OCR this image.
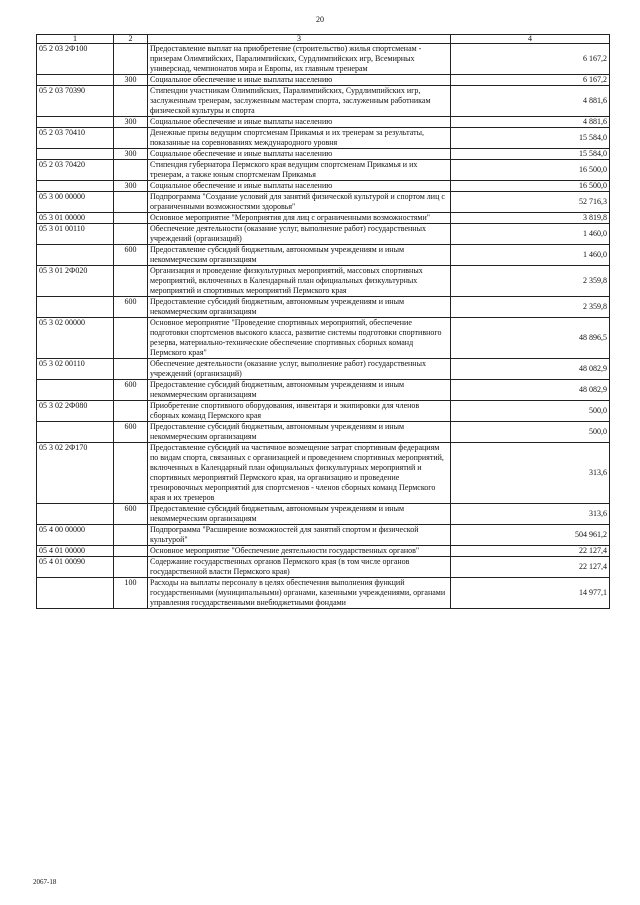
20
1	2	3	4
05 2 03 2Ф100		Предоставление выплат на приобретение (строительство) жилья спортсменам - призерам Олимпийских, Паралимпийских, Сурдлимпийских игр, Всемирных универсиад, чемпионатов мира и Европы, их главным тренерам	6 167,2
	300	Социальное обеспечение и иные выплаты населению	6 167,2
05 2 03 70390		Стипендии участникам Олимпийских, Паралимпийских, Сурдлимпийских игр, заслуженным тренерам, заслуженным мастерам спорта, заслуженным работникам физической культуры и спорта	4 881,6
	300	Социальное обеспечение и иные выплаты населению	4 881,6
05 2 03 70410		Денежные призы ведущим спортсменам Прикамья и их тренерам за результаты, показанные на соревнованиях международного уровня	15 584,0
	300	Социальное обеспечение и иные выплаты населению	15 584,0
05 2 03 70420		Стипендия губернатора Пермского края ведущим спортсменам Прикамья и их тренерам, а также юным спортсменам Прикамья	16 500,0
	300	Социальное обеспечение и иные выплаты населению	16 500,0
05 3 00 00000		Подпрограмма "Создание условий для занятий физической культурой и спортом лиц с ограниченными возможностями здоровья"	52 716,3
05 3 01 00000		Основное мероприятие "Мероприятия для лиц с ограниченными возможностями"	3 819,8
05 3 01 00110		Обеспечение деятельности (оказание услуг, выполнение работ) государственных учреждений (организаций)	1 460,0
	600	Предоставление субсидий бюджетным, автономным учреждениям и иным некоммерческим организациям	1 460,0
05 3 01 2Ф020		Организация и проведение физкультурных мероприятий, массовых спортивных мероприятий, включенных в Календарный план официальных физкультурных мероприятий и спортивных мероприятий Пермского края	2 359,8
	600	Предоставление субсидий бюджетным, автономным учреждениям и иным некоммерческим организациям	2 359,8
05 3 02 00000		Основное мероприятие "Проведение спортивных мероприятий, обеспечение подготовки спортсменов высокого класса, развитие системы подготовки спортивного резерва, материально-технические обеспечение спортивных сборных команд Пермского края"	48 896,5
05 3 02 00110		Обеспечение деятельности (оказание услуг, выполнение работ) государственных учреждений (организаций)	48 082,9
	600	Предоставление субсидий бюджетным, автономным учреждениям и иным некоммерческим организациям	48 082,9
05 3 02 2Ф080		Приобретение спортивного оборудования, инвентаря и экипировки для членов сборных команд Пермского края	500,0
	600	Предоставление субсидий бюджетным, автономным учреждениям и иным некоммерческим организациям	500,0
05 3 02 2Ф170		Предоставление субсидий на частичное возмещение затрат спортивным федерациям по видам спорта, связанных с организацией и проведением спортивных мероприятий, включенных в Календарный план официальных физкультурных мероприятий и спортивных мероприятий Пермского края, на организацию и проведение тренировочных мероприятий для спортсменов - членов сборных команд Пермского края и их тренеров	313,6
	600	Предоставление субсидий бюджетным, автономным учреждениям и иным некоммерческим организациям	313,6
05 4 00 00000		Подпрограмма "Расширение возможностей для занятий спортом и физической культурой"	504 961,2
05 4 01 00000		Основное мероприятие "Обеспечение деятельности государственных органов"	22 127,4
05 4 01 00090		Содержание государственных органов Пермского края (в том числе органов государственной власти Пермского края)	22 127,4
	100	Расходы на выплаты персоналу в целях обеспечения выполнения функций государственными (муниципальными) органами, казенными учреждениями, органами управления государственными внебюджетными фондами	14 977,1
2067-18
